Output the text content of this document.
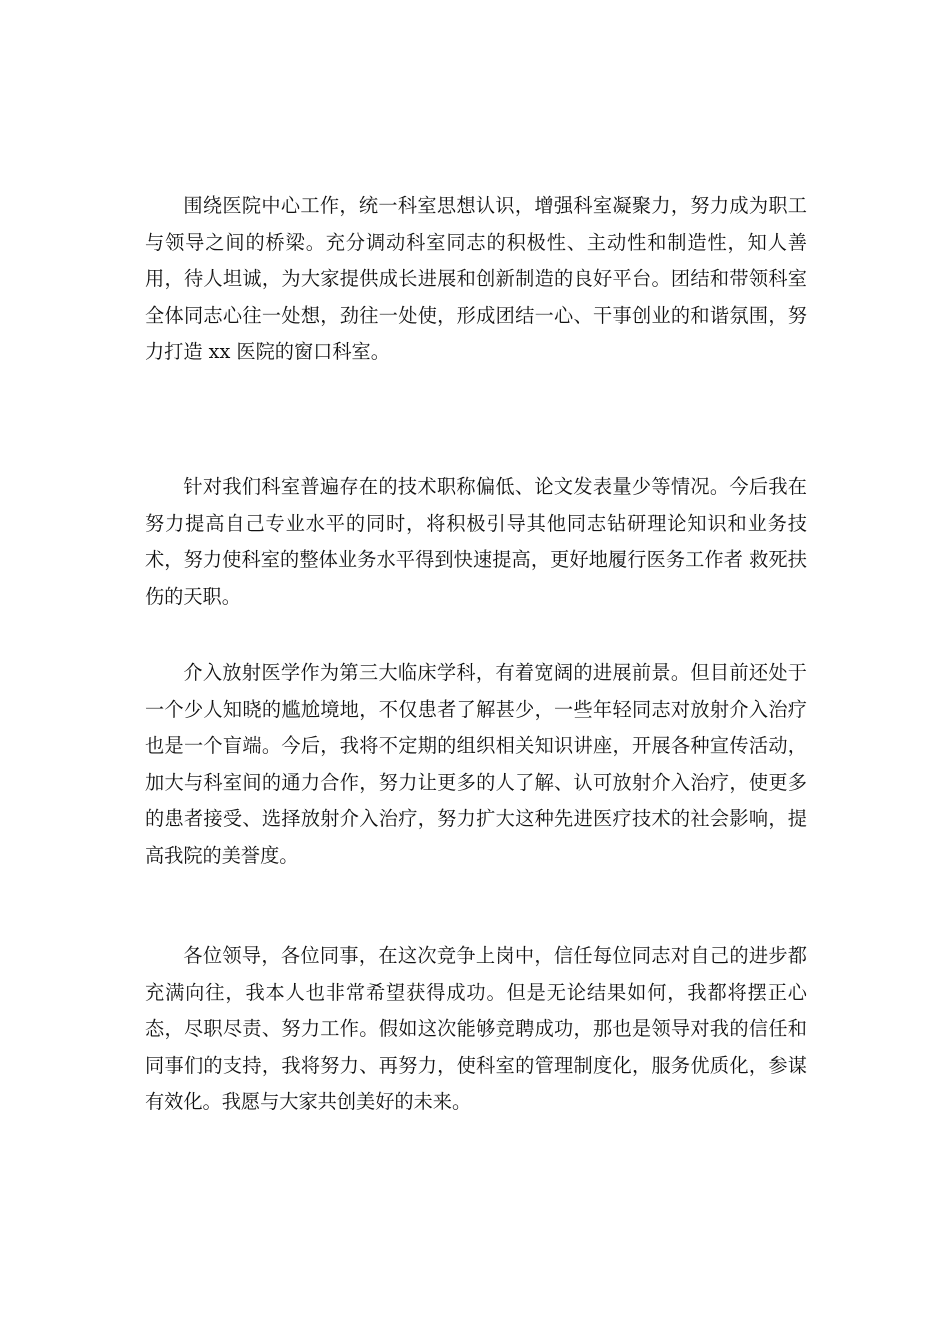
围绕医院中心工作，统一科室思想认识，增强科室凝聚力，努力成为职工与领导之间的桥梁。充分调动科室同志的积极性、主动性和制造性，知人善用，待人坦诚，为大家提供成长进展和创新制造的良好平台。团结和带领科室全体同志心往一处想，劲往一处使，形成团结一心、干事创业的和谐氛围，努力打造 xx 医院的窗口科室。

针对我们科室普遍存在的技术职称偏低、论文发表量少等情况。今后我在努力提高自己专业水平的同时，将积极引导其他同志钻研理论知识和业务技术，努力使科室的整体业务水平得到快速提高，更好地履行医务工作者 救死扶伤的天职。

介入放射医学作为第三大临床学科，有着宽阔的进展前景。但目前还处于一个少人知晓的尴尬境地，不仅患者了解甚少，一些年轻同志对放射介入治疗也是一个盲端。今后，我将不定期的组织相关知识讲座，开展各种宣传活动，加大与科室间的通力合作，努力让更多的人了解、认可放射介入治疗，使更多的患者接受、选择放射介入治疗，努力扩大这种先进医疗技术的社会影响，提高我院的美誉度。

各位领导，各位同事，在这次竞争上岗中，信任每位同志对自己的进步都充满向往，我本人也非常希望获得成功。但是无论结果如何，我都将摆正心态，尽职尽责、努力工作。假如这次能够竞聘成功，那也是领导对我的信任和同事们的支持，我将努力、再努力，使科室的管理制度化，服务优质化，参谋有效化。我愿与大家共创美好的未来。
